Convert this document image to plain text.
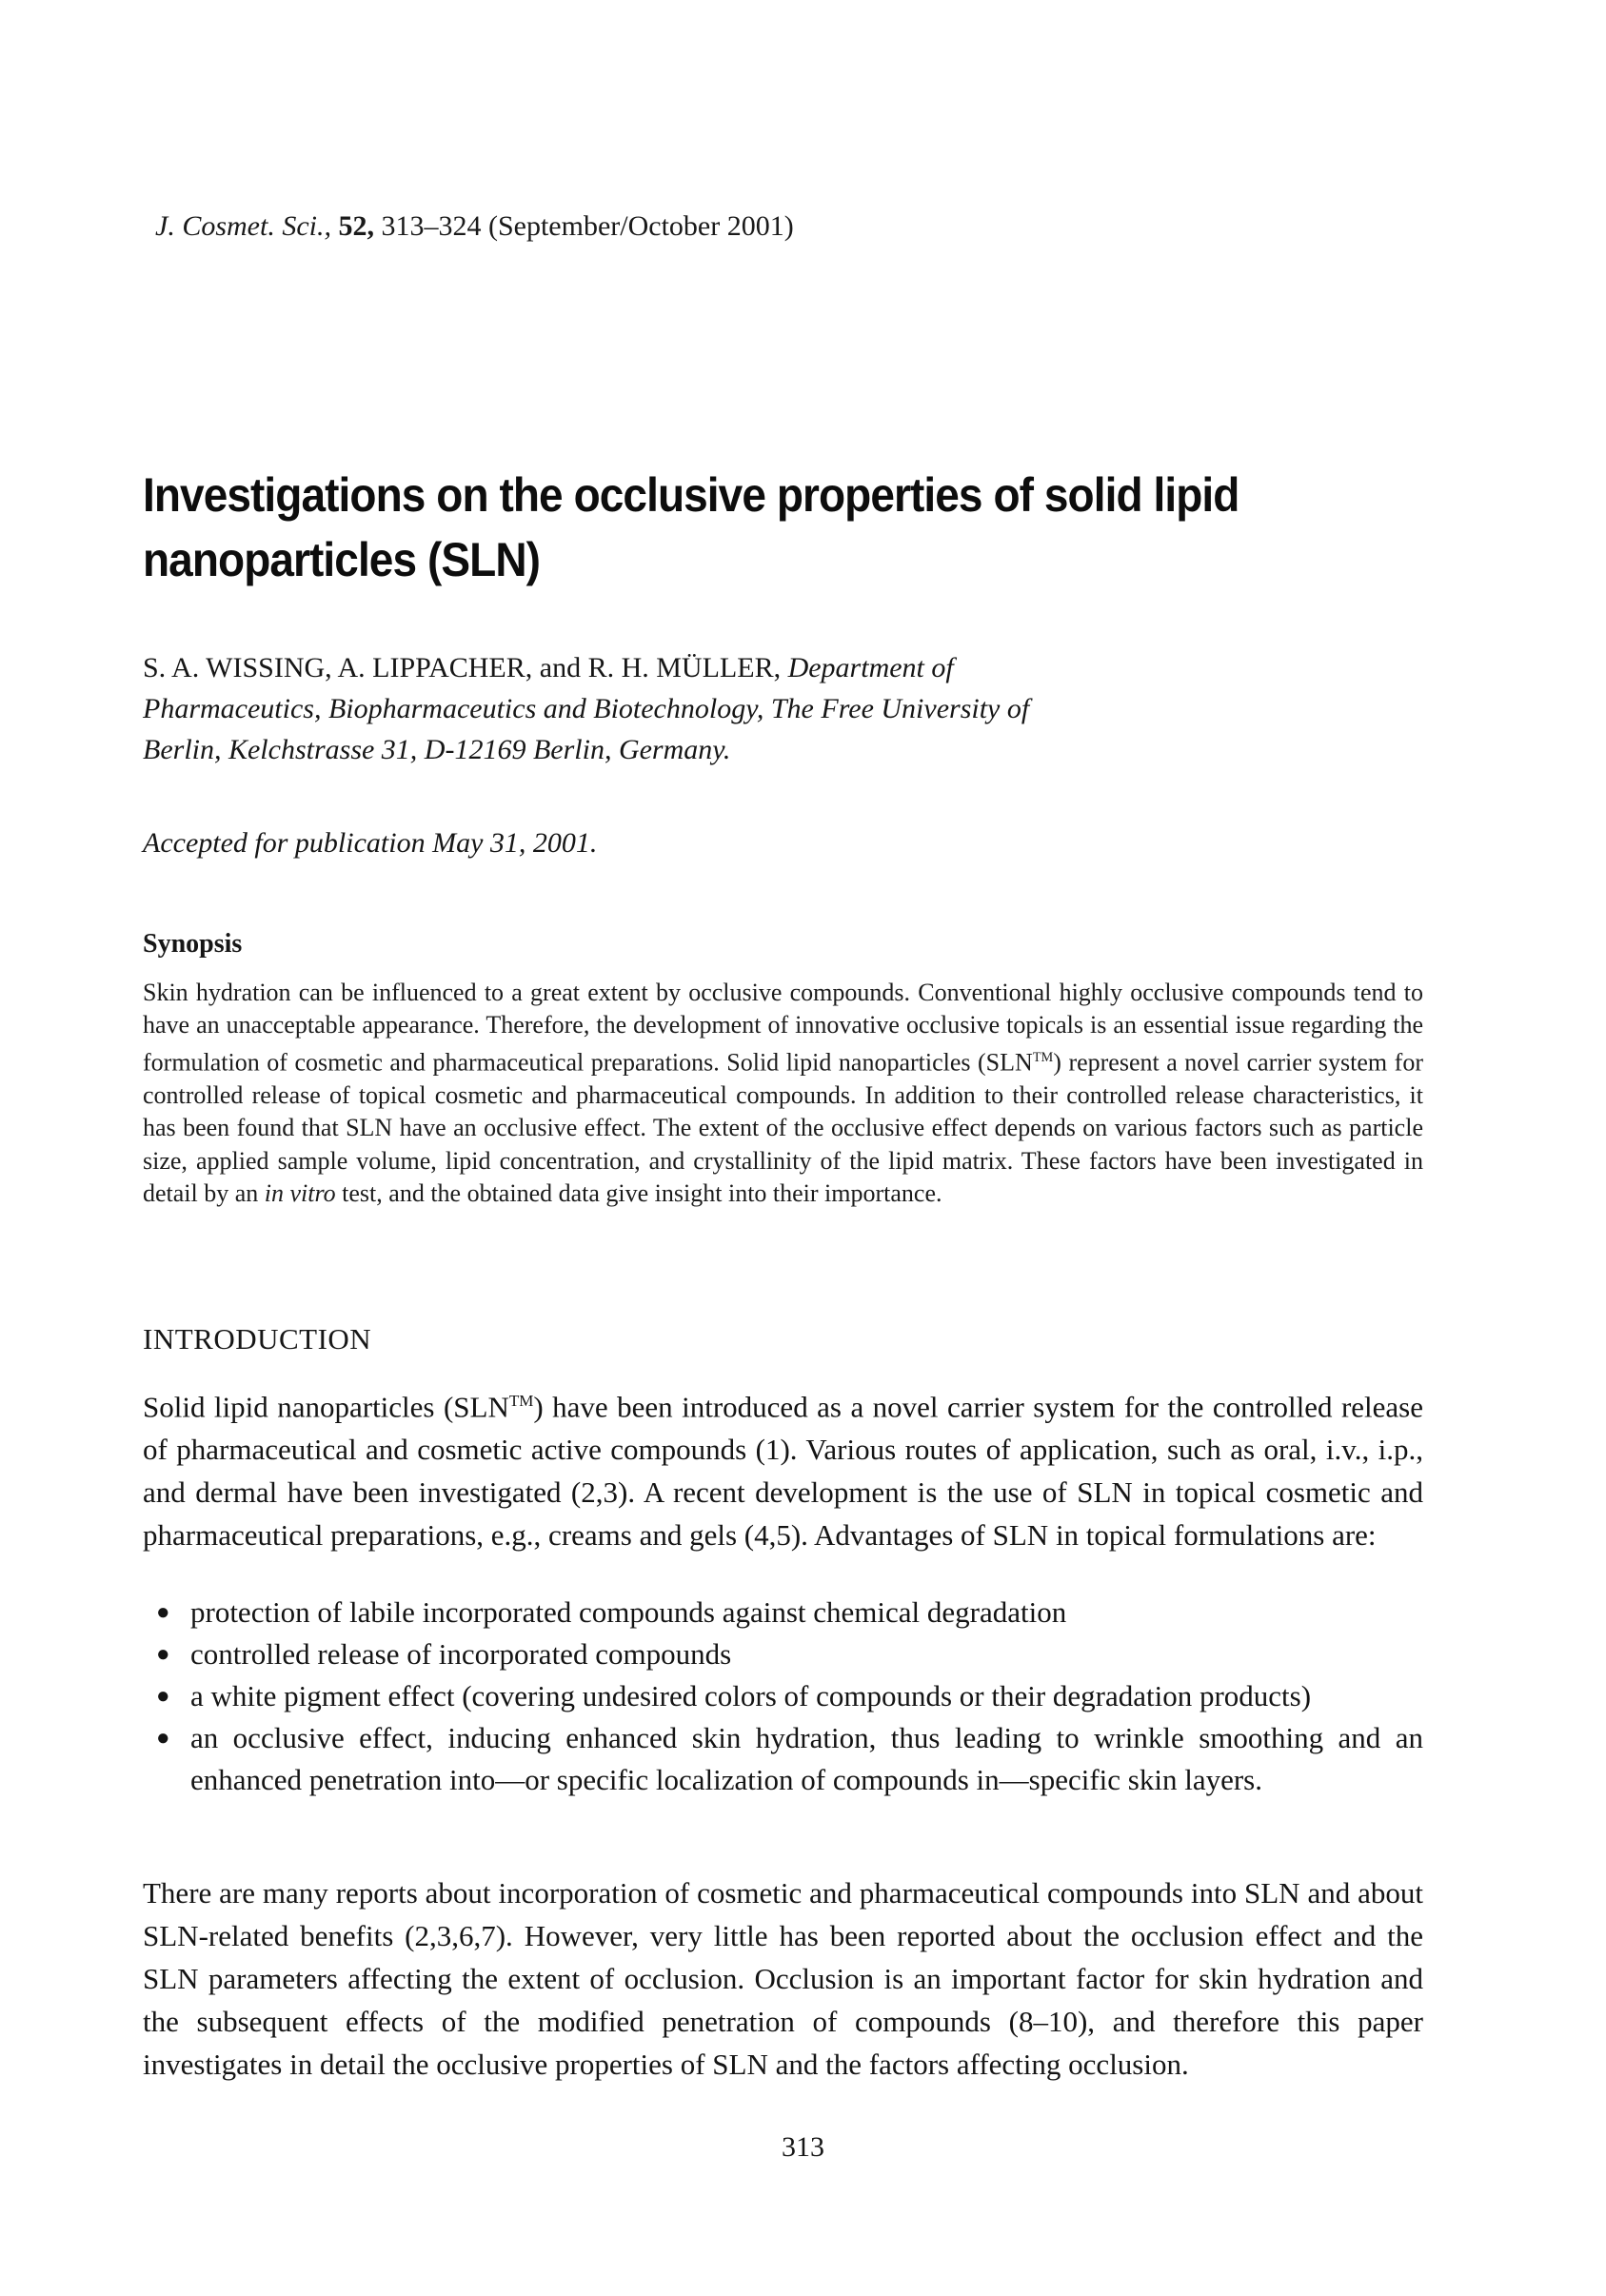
J. Cosmet. Sci., 52, 313–324 (September/October 2001)
Investigations on the occlusive properties of solid lipid
nanoparticles (SLN)
S. A. WISSING, A. LIPPACHER, and R. H. MÜLLER, Department of Pharmaceutics, Biopharmaceutics and Biotechnology, The Free University of Berlin, Kelchstrasse 31, D-12169 Berlin, Germany.
Accepted for publication May 31, 2001.
Synopsis
Skin hydration can be influenced to a great extent by occlusive compounds. Conventional highly occlusive compounds tend to have an unacceptable appearance. Therefore, the development of innovative occlusive topicals is an essential issue regarding the formulation of cosmetic and pharmaceutical preparations. Solid lipid nanoparticles (SLN™) represent a novel carrier system for controlled release of topical cosmetic and pharmaceutical compounds. In addition to their controlled release characteristics, it has been found that SLN have an occlusive effect. The extent of the occlusive effect depends on various factors such as particle size, applied sample volume, lipid concentration, and crystallinity of the lipid matrix. These factors have been investigated in detail by an in vitro test, and the obtained data give insight into their importance.
INTRODUCTION
Solid lipid nanoparticles (SLN™) have been introduced as a novel carrier system for the controlled release of pharmaceutical and cosmetic active compounds (1). Various routes of application, such as oral, i.v., i.p., and dermal have been investigated (2,3). A recent development is the use of SLN in topical cosmetic and pharmaceutical preparations, e.g., creams and gels (4,5). Advantages of SLN in topical formulations are:
● protection of labile incorporated compounds against chemical degradation
● controlled release of incorporated compounds
● a white pigment effect (covering undesired colors of compounds or their degradation products)
● an occlusive effect, inducing enhanced skin hydration, thus leading to wrinkle smoothing and an enhanced penetration into—or specific localization of compounds in—specific skin layers.
There are many reports about incorporation of cosmetic and pharmaceutical compounds into SLN and about SLN-related benefits (2,3,6,7). However, very little has been reported about the occlusion effect and the SLN parameters affecting the extent of occlusion. Occlusion is an important factor for skin hydration and the subsequent effects of the modified penetration of compounds (8–10), and therefore this paper investigates in detail the occlusive properties of SLN and the factors affecting occlusion.
313
